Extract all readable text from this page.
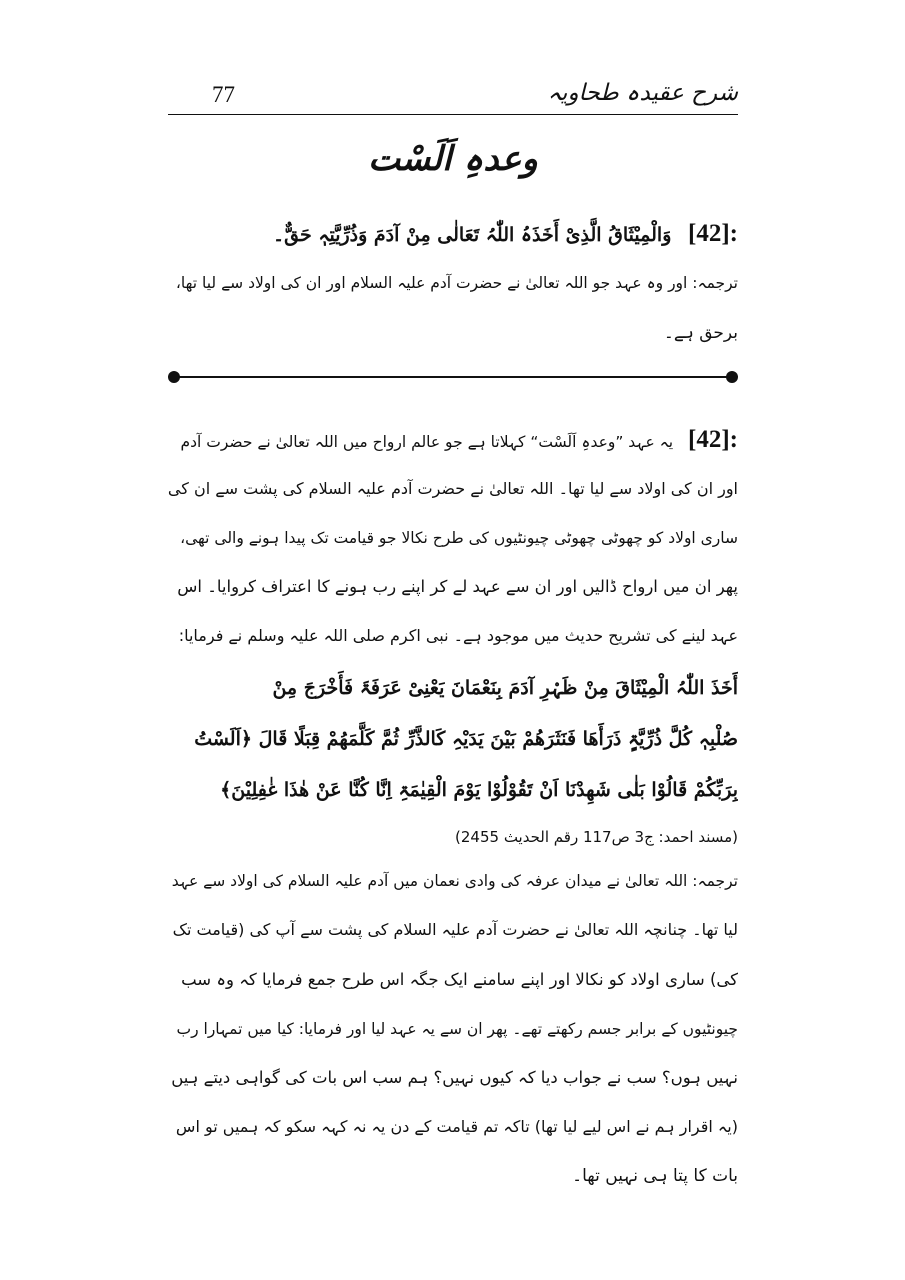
شرح عقیدہ طحاویہ
77
وعدہِ اَلَسْت
[42]: وَالْمِیْثَاقُ الَّذِیْ أَخَذَہُ اللّٰہُ تَعَالٰی مِنْ آدَمَ وَذُرِّیَّتِہٖ حَقٌّ۔
ترجمہ: اور وہ عہد جو اللہ تعالیٰ نے حضرت آدم علیہ السلام اور ان کی اولاد سے لیا تھا،
برحق ہے۔
[42]: یہ عہد ”وعدہِ اَلَسْت“ کہلاتا ہے جو عالم ارواح میں اللہ تعالیٰ نے حضرت آدم
اور ان کی اولاد سے لیا تھا۔ اللہ تعالیٰ نے حضرت آدم علیہ السلام کی پشت سے ان کی
ساری اولاد کو چھوٹی چھوٹی چیونٹیوں کی طرح نکالا جو قیامت تک پیدا ہونے والی تھی،
پھر ان میں ارواح ڈالیں اور ان سے عہد لے کر اپنے رب ہونے کا اعتراف کروایا۔ اس
عہد لینے کی تشریح حدیث میں موجود ہے۔ نبی اکرم صلی اللہ علیہ وسلم نے فرمایا:
أَخَذَ اللّٰہُ الْمِیْثَاقَ مِنْ ظَہْرِ آدَمَ بِنَعْمَانَ یَعْنِیْ عَرَفَۃَ فَأَخْرَجَ مِنْ
صُلْبِہٖ کُلَّ ذُرِّیَّۃٍ ذَرَأَھَا فَنَثَرَھُمْ بَیْنَ یَدَیْہِ کَالذَّرِّ ثُمَّ کَلَّمَھُمْ قِبَلًا قَالَ ﴿اَلَسْتُ
بِرَبِّکُمْ قَالُوْا بَلٰی شَھِدْنَا اَنْ تَقُوْلُوْا یَوْمَ الْقِیٰمَۃِ اِنَّا کُنَّا عَنْ ھٰذَا غٰفِلِیْنَ﴾
(مسند احمد: ج3 ص117 رقم الحدیث 2455)
ترجمہ: اللہ تعالیٰ نے میدان عرفہ کی وادی نعمان میں آدم علیہ السلام کی اولاد سے عہد
لیا تھا۔ چنانچہ اللہ تعالیٰ نے حضرت آدم علیہ السلام کی پشت سے آپ کی (قیامت تک
کی) ساری اولاد کو نکالا اور اپنے سامنے ایک جگہ اس طرح جمع فرمایا کہ وہ سب
چیونٹیوں کے برابر جسم رکھتے تھے۔ پھر ان سے یہ عہد لیا اور فرمایا: کیا میں تمہارا رب
نہیں ہوں؟ سب نے جواب دیا کہ کیوں نہیں؟ ہم سب اس بات کی گواہی دیتے ہیں
(یہ اقرار ہم نے اس لیے لیا تھا) تاکہ تم قیامت کے دن یہ نہ کہہ سکو کہ ہمیں تو اس
بات کا پتا ہی نہیں تھا۔
